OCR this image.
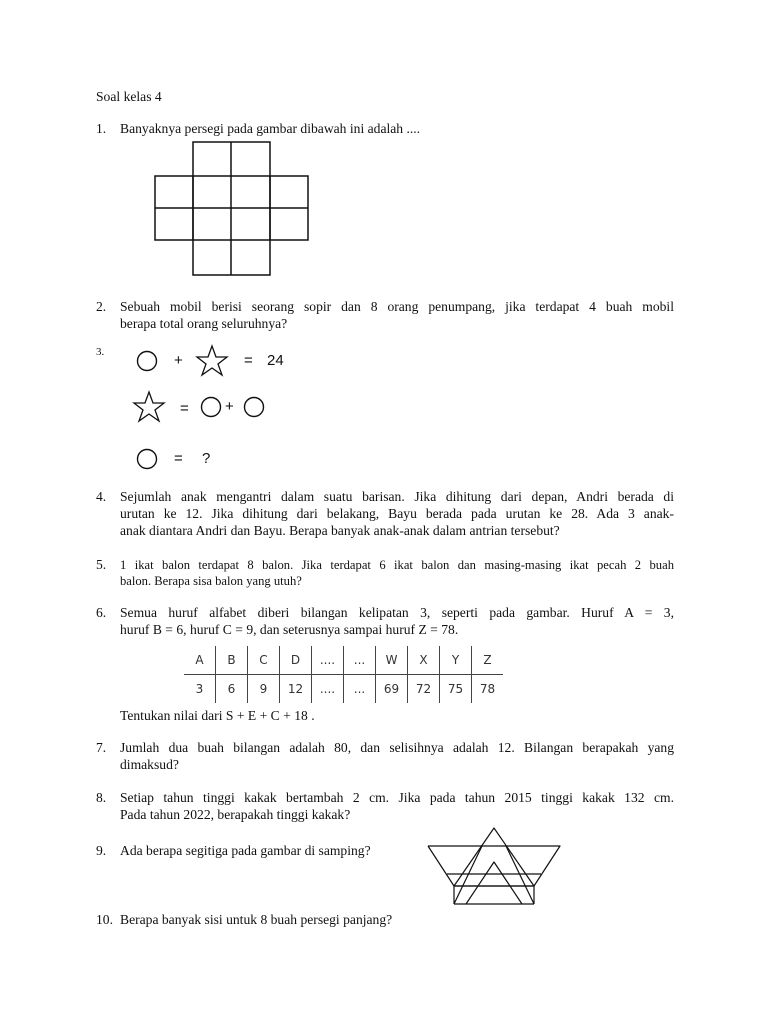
Soal kelas 4
1. Banyaknya persegi pada gambar dibawah ini adalah ....
2. Sebuah mobil berisi seorang sopir dan 8 orang penumpang, jika terdapat 4 buah mobil
berapa total orang seluruhnya?
3.	+	= 24
= +
= ?
4. Sejumlah anak mengantri dalam suatu barisan. Jika dihitung dari depan, Andri berada di
urutan ke 12. Jika dihitung dari belakang, Bayu berada pada urutan ke 28. Ada 3 anak-
anak diantara Andri dan Bayu. Berapa banyak anak-anak dalam antrian tersebut?
5. 1 ikat balon terdapat 8 balon. Jika terdapat 6 ikat balon dan masing-masing ikat pecah 2 buah
balon. Berapa sisa balon yang utuh?
6. Semua huruf alfabet diberi bilangan kelipatan 3, seperti pada gambar. Huruf A = 3,
huruf B = 6, huruf C = 9, dan seterusnya sampai huruf Z = 78.
A	B	C	D	....	...	W	X	Y	Z
3	6	9	12	....	...	69	72	75	78
Tentukan nilai dari S + E + C + 18 .
7. Jumlah dua buah bilangan adalah 80, dan selisihnya adalah 12. Bilangan berapakah yang
dimaksud?
8. Setiap tahun tinggi kakak bertambah 2 cm. Jika pada tahun 2015 tinggi kakak 132 cm.
Pada tahun 2022, berapakah tinggi kakak?
9. Ada berapa segitiga pada gambar di samping?
10. Berapa banyak sisi untuk 8 buah persegi panjang?
